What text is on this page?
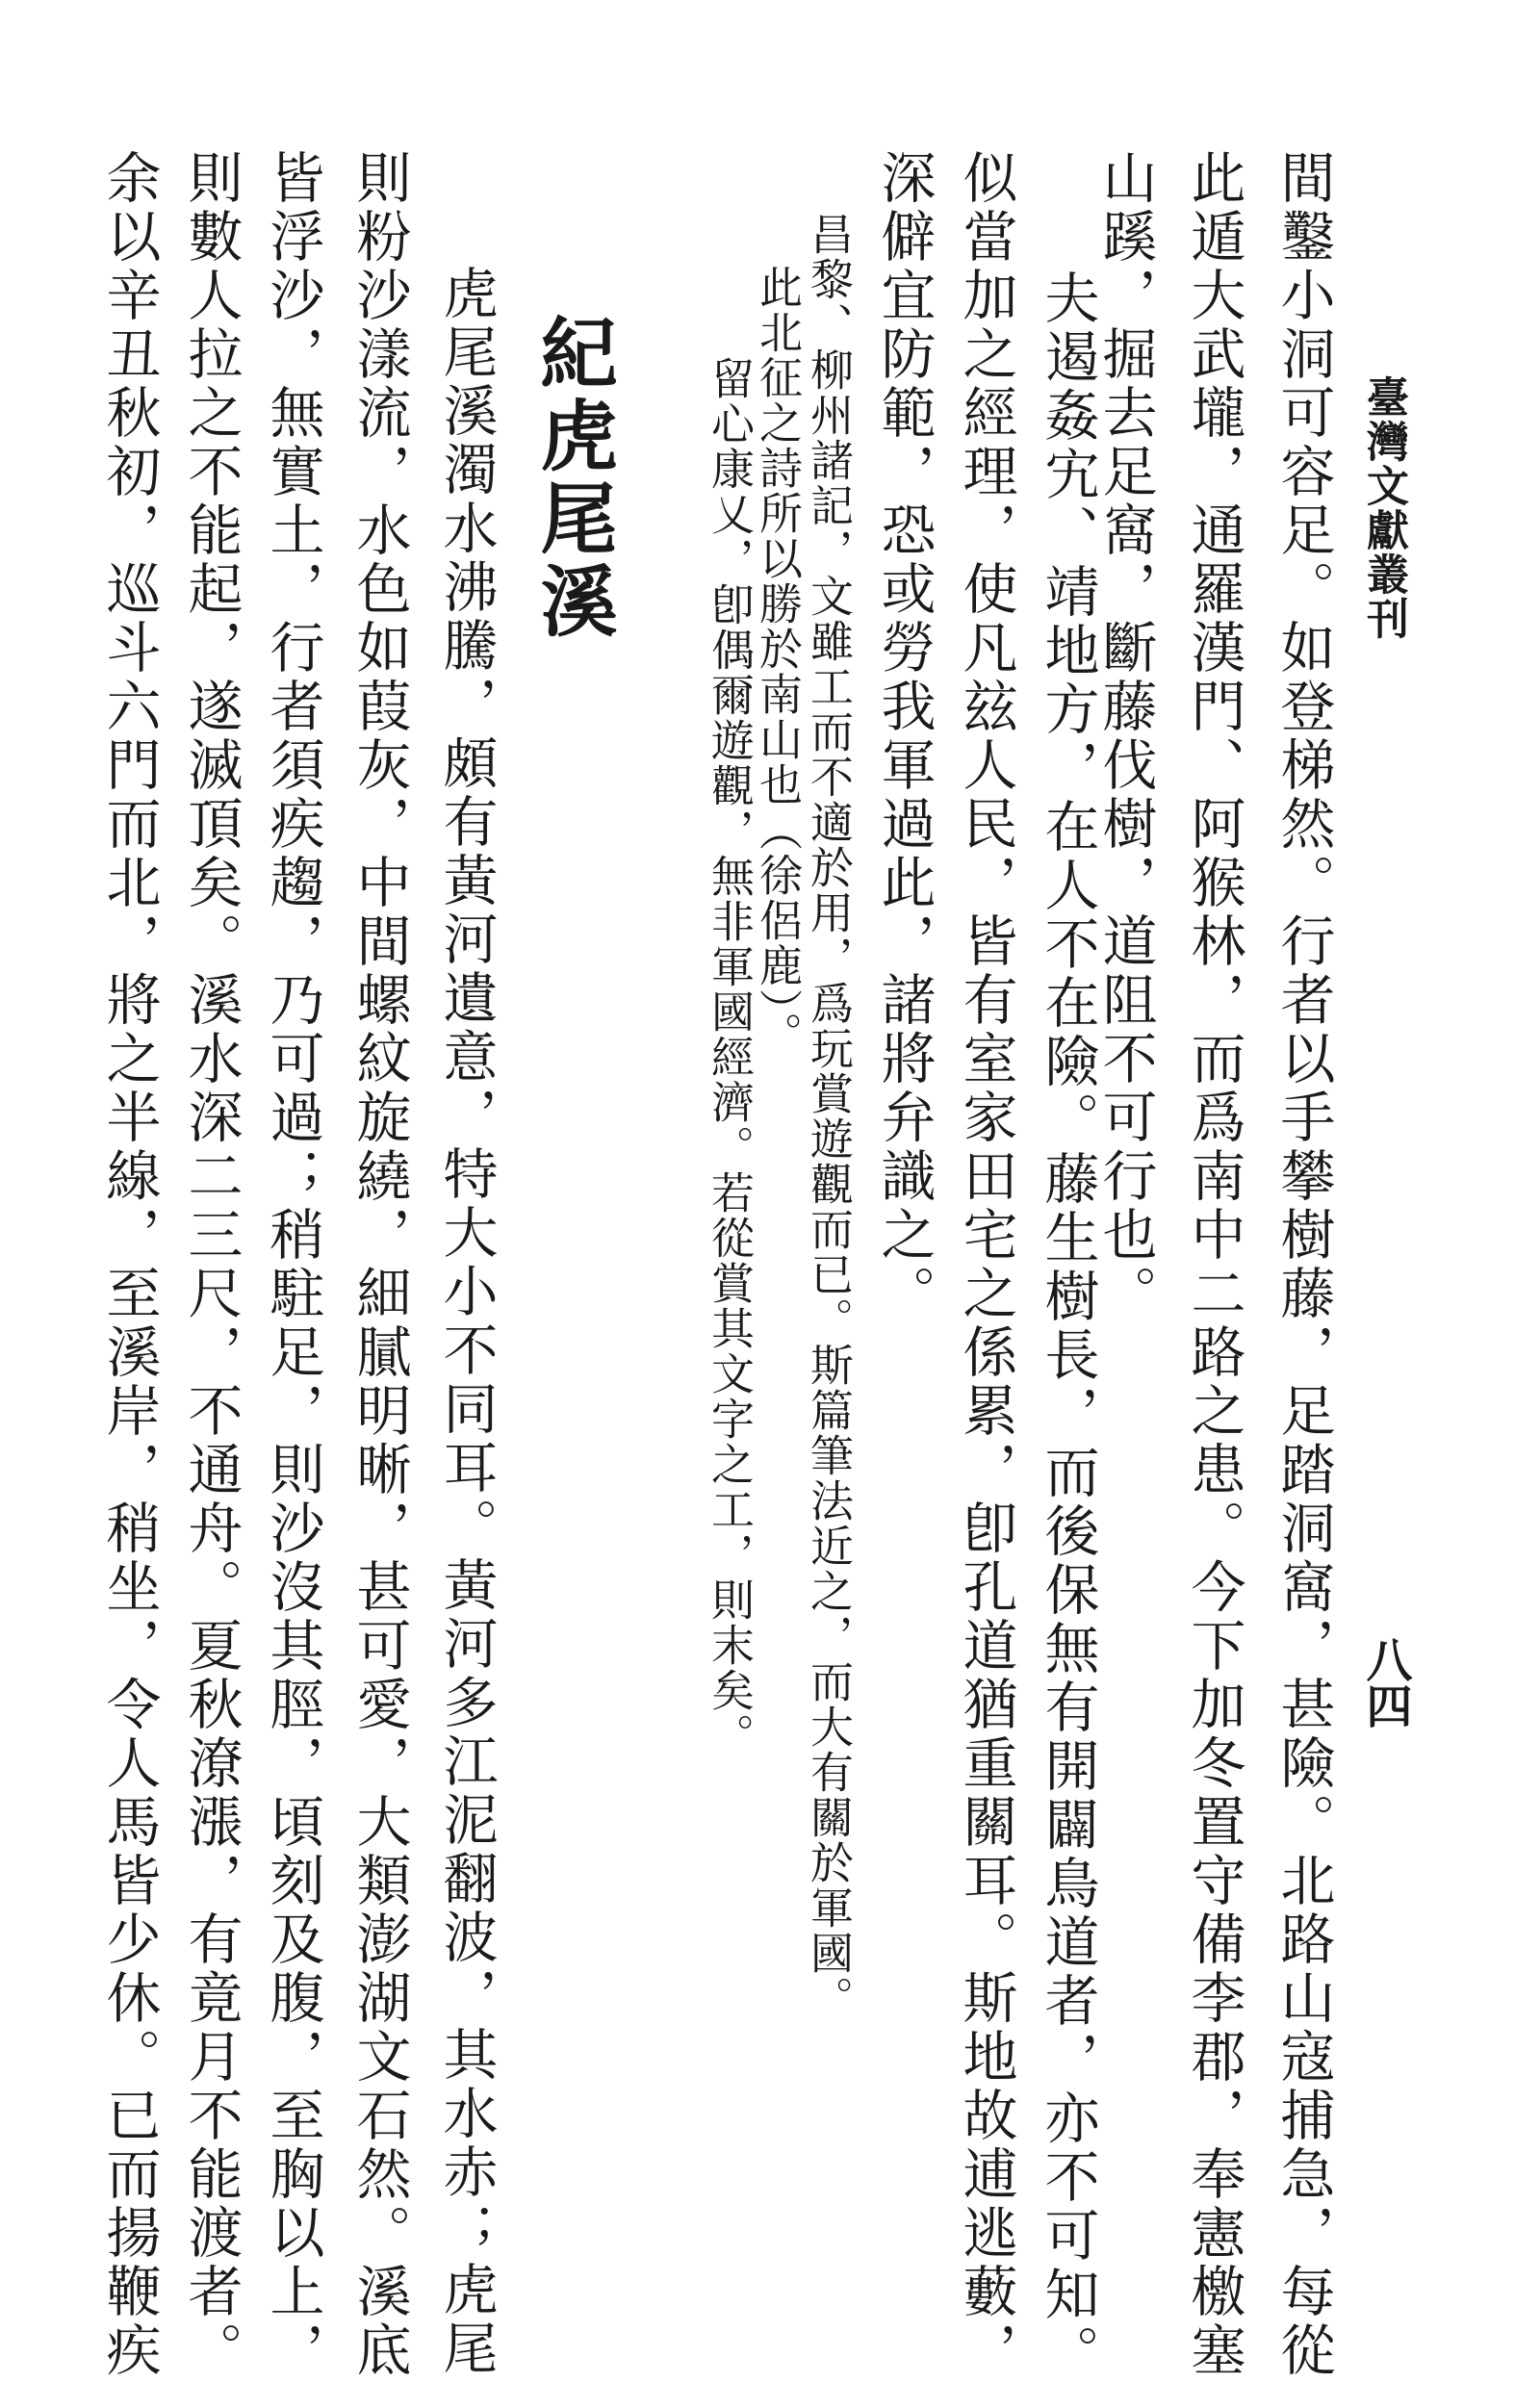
臺灣文獻叢刊
八四
間鑿小洞可容足。如登梯然。行者以手攀樹藤，足踏洞窩，甚險。北路山寇捕急，每從
此遁大武壠，通羅漢門、阿猴林，而爲南中二路之患。今下加冬置守備李郡，奉憲檄塞
山蹊，掘去足窩，斷藤伐樹，道阻不可行也。
夫遏姦宄、靖地方，在人不在險。藤生樹長，而後保無有開闢鳥道者，亦不可知。
似當加之經理，使凡玆人民，皆有室家田宅之係累，卽孔道猶重關耳。斯地故逋逃藪，
深僻宜防範，恐或勞我軍過此，諸將弁識之。
昌黎、柳州諸記，文雖工而不適於用，爲玩賞遊觀而已。斯篇筆法近之，而大有關於軍國。
留心康乂，卽偶爾遊觀，無非軍國經濟。若從賞其文字之工，則末矣。
此北征之詩所以勝於南山也（徐侶鹿）。
紀虎尾溪
虎尾溪濁水沸騰，頗有黃河遺意，特大小不同耳。黃河多江泥翻波，其水赤；虎尾
則粉沙漾流，水色如葭灰，中間螺紋旋繞，細膩明晰，甚可愛，大類澎湖文石然。溪底
皆浮沙，無實土，行者須疾趨，乃可過；稍駐足，則沙沒其脛，頃刻及腹，至胸以上，
則數人拉之不能起，遂滅頂矣。溪水深二三尺，不通舟。夏秋潦漲，有竟月不能渡者。
余以辛丑秋初，巡斗六門而北，將之半線，至溪岸，稍坐，令人馬皆少休。已而揚鞭疾
